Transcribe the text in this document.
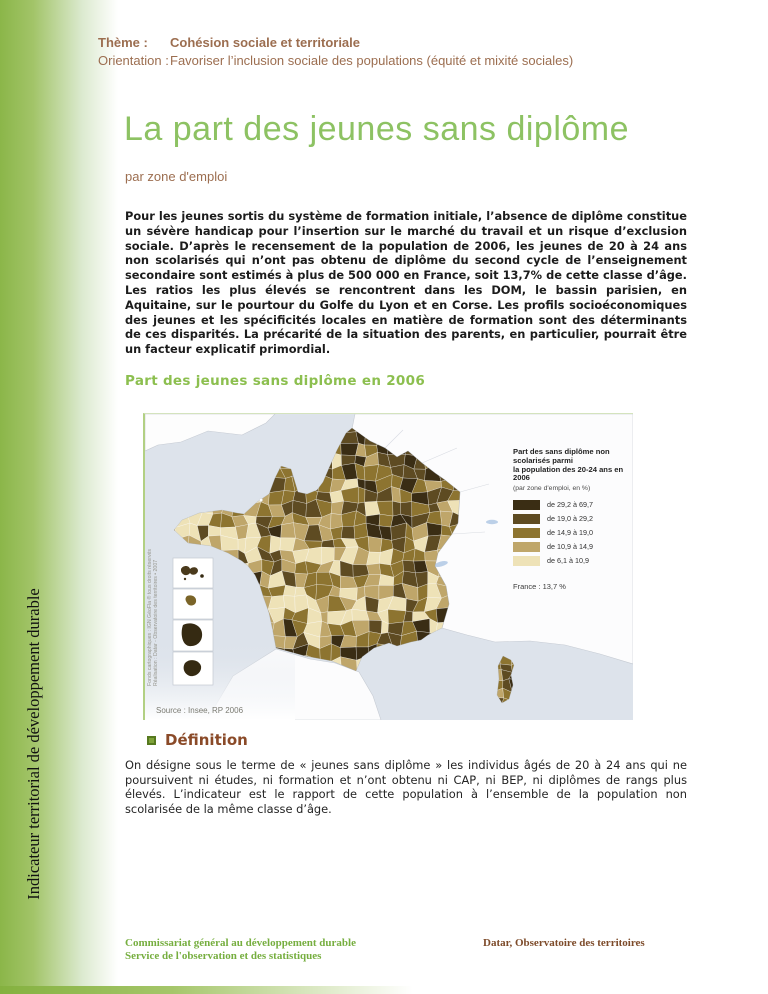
Indicateur territorial de développement durable
Thème :	Cohésion sociale et territoriale
Orientation : Favoriser l’inclusion sociale des populations (équité et mixité sociales)
La part des jeunes sans diplôme
par zone d'emploi

Pour les jeunes sortis du système de formation initiale, l’absence de diplôme constitue un sévère handicap pour l’insertion sur le marché du travail et un risque d’exclusion sociale. D’après le recensement de la population de 2006, les jeunes de 20 à 24 ans non scolarisés qui n’ont pas obtenu de diplôme du second cycle de l’enseignement secondaire sont estimés à plus de 500 000 en France, soit 13,7% de cette classe d’âge. Les ratios les plus élevés se rencontrent dans les DOM, le bassin parisien, en Aquitaine, sur le pourtour du Golfe du Lyon et en Corse. Les profils socioéconomiques des jeunes et les spécificités locales en matière de formation sont des déterminants de ces disparités. La précarité de la situation des parents, en particulier, pourrait être un facteur explicatif primordial.

Part des jeunes sans diplôme en 2006
Part des sans diplôme non scolarisés parmi
la population des 20-24 ans en 2006
(par zone d'emploi, en %)
de 29,2 à 69,7
de 19,0 à 29,2
de 14,9 à 19,0
de 10,9 à 14,9
de 6,1 à 10,9
France : 13,7 %
Fonds cartographiques : IGN GéoFla ® tous droits réservés Réalisation : Datar - Observatoire des territoires • 2007
Source : Insee, RP 2006
Définition

On désigne sous le terme de « jeunes sans diplôme » les individus âgés de 20 à 24 ans qui ne poursuivent ni études, ni formation et n’ont obtenu ni CAP, ni BEP, ni diplômes de rangs plus élevés. L’indicateur est le rapport de cette population à l’ensemble de la population non scolarisée de la même classe d’âge.

Commissariat général au développement durable
Service de l'observation et des statistiques
Datar, Observatoire des territoires
